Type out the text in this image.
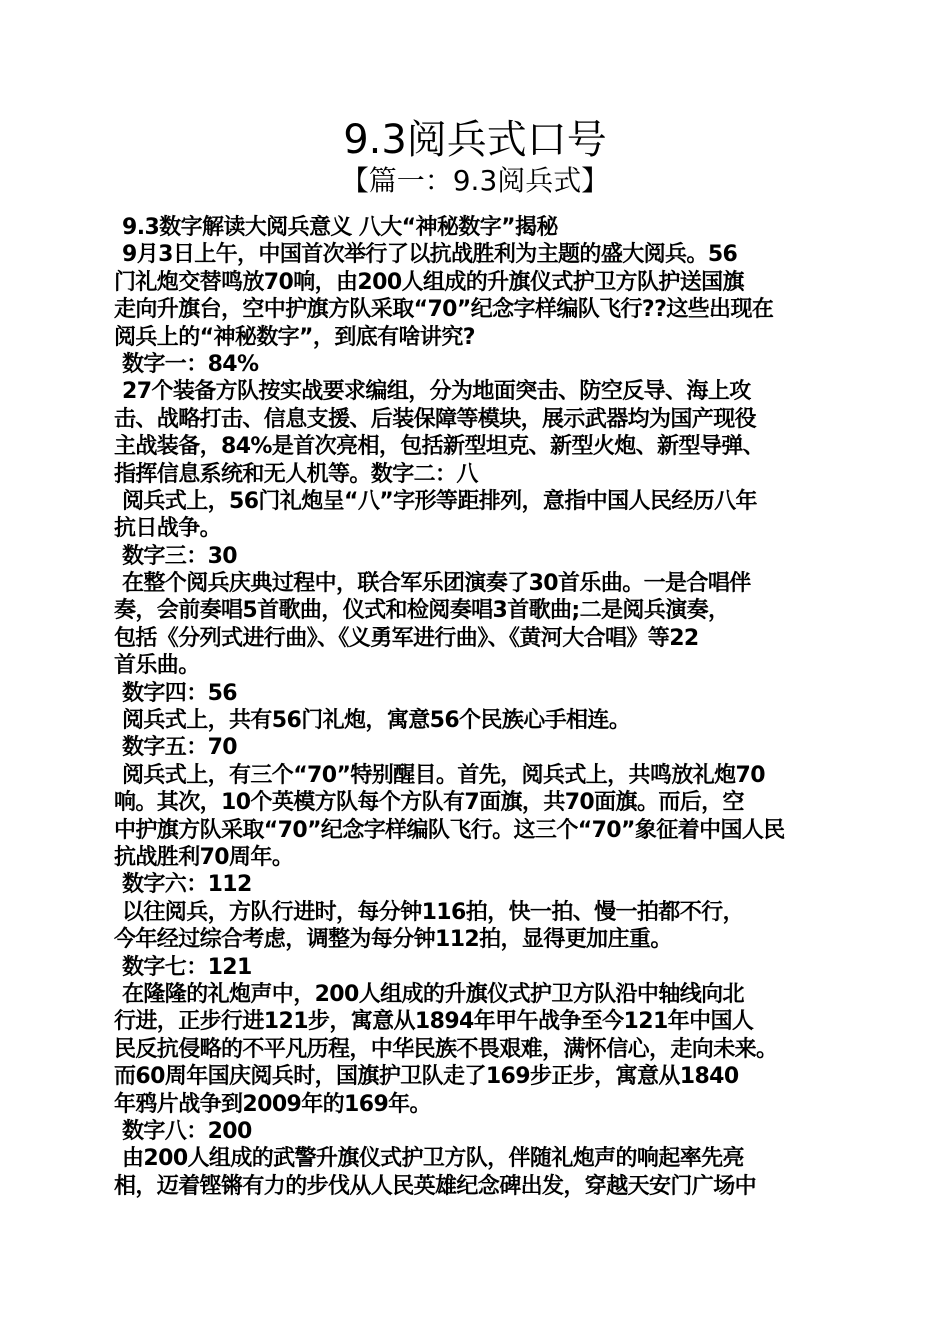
9.3阅兵式口号
【篇一：9.3阅兵式】
9.3数字解读大阅兵意义 八大“神秘数字”揭秘
9月3日上午，中国首次举行了以抗战胜利为主题的盛大阅兵。56
门礼炮交替鸣放70响，由200人组成的升旗仪式护卫方队护送国旗
走向升旗台，空中护旗方队采取“70”纪念字样编队飞行??这些出现在
阅兵上的“神秘数字”，到底有啥讲究?
数字一：84%
27个装备方队按实战要求编组，分为地面突击、防空反导、海上攻
击、战略打击、信息支援、后装保障等模块，展示武器均为国产现役
主战装备，84%是首次亮相，包括新型坦克、新型火炮、新型导弹、
指挥信息系统和无人机等。数字二：八
阅兵式上，56门礼炮呈“八”字形等距排列，意指中国人民经历八年
抗日战争。
数字三：30
在整个阅兵庆典过程中，联合军乐团演奏了30首乐曲。一是合唱伴
奏，会前奏唱5首歌曲，仪式和检阅奏唱3首歌曲;二是阅兵演奏，
包括《分列式进行曲》、《义勇军进行曲》、《黄河大合唱》等22
首乐曲。
数字四：56
阅兵式上，共有56门礼炮，寓意56个民族心手相连。
数字五：70
阅兵式上，有三个“70”特别醒目。首先，阅兵式上，共鸣放礼炮70
响。其次，10个英模方队每个方队有7面旗，共70面旗。而后，空
中护旗方队采取“70”纪念字样编队飞行。这三个“70”象征着中国人民
抗战胜利70周年。
数字六：112
以往阅兵，方队行进时，每分钟116拍，快一拍、慢一拍都不行，
今年经过综合考虑，调整为每分钟112拍，显得更加庄重。
数字七：121
在隆隆的礼炮声中，200人组成的升旗仪式护卫方队沿中轴线向北
行进，正步行进121步，寓意从1894年甲午战争至今121年中国人
民反抗侵略的不平凡历程，中华民族不畏艰难，满怀信心，走向未来。
而60周年国庆阅兵时，国旗护卫队走了169步正步，寓意从1840
年鸦片战争到2009年的169年。
数字八：200
由200人组成的武警升旗仪式护卫方队，伴随礼炮声的响起率先亮
相，迈着铿锵有力的步伐从人民英雄纪念碑出发，穿越天安门广场中
